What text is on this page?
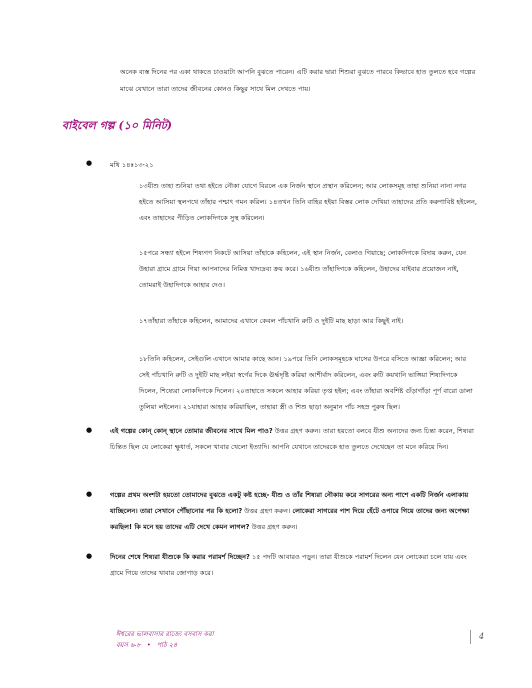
অনেক ব্যস্ত দিনের পর একা থাকতে চাওয়াটা আপনি বুঝতে পারেন। এটি করার দ্বারা শিশুরা বুঝতে পারবে কিভাবে হাত তুলতে হবে গল্পের মাঝে যেখানে তারা তাদের জীবনের কোনও কিছুর সাথে মিল দেখতে পায়।

বাইবেল গল্প (১০ মিনিট)
●	মথি ১৪ঃ১৩-২১

১৩যীশু তাহা শুনিয়া তথা হইতে নৌকা যোগে বিরলে এক নির্জন স্থানে প্রস্থান করিলেন; আর লোকসমূহ তাহা শুনিয়া নানা নগর হইতে আসিয়া স্থলপথে তাঁহার পশ্চাৎ গমন করিল। ১৪তখন তিনি বাহির হইয়া বিস্তর লোক দেখিয়া তাহাদের প্রতি করুণাবিষ্ট হইলেন, এবং তাহাদের পীড়িত লোকদিগকে সুস্থ করিলেন।

১৫পরে সন্ধ্যা হইলে শিষ্যগণ নিকটে আসিয়া তাঁহাকে কহিলেন, এই স্থান নির্জন, বেলাও গিয়াছে; লোকদিগকে বিদায় করুন, যেন উহারা গ্রামে গ্রামে গিয়া আপনাদের নিমিত্ত খাদ্যদ্রব্য ক্রয় করে। ১৬যীশু তাঁহাদিগকে কহিলেন, উহাদের যাইবার প্রয়োজন নাই, তোমরাই উহাদিগকে আহার দেও।

১৭তাঁহারা তাঁহাকে কহিলেন, আমাদের এখানে কেবল পাঁচখানি রুটি ও দুইটি মাছ ছাড়া আর কিছুই নাই।

১৮তিনি কহিলেন, সেইগুলি এখানে আমার কাছে আন। ১৯পরে তিনি লোকসমূহকে ঘাসের উপরে বসিতে আজ্ঞা করিলেন; আর সেই পাঁচখানি রুটি ও দুইটি মাছ লইয়া স্বর্গের দিকে ঊর্দ্ধদৃষ্টি করিয়া আশীর্বাদ করিলেন, এবং রুটি কয়খানি ভাঙ্গিয়া শিষ্যদিগকে দিলেন, শিষ্যেরা লোকদিগকে দিলেন। ২০তাহাতে সকলে আহার করিয়া তৃপ্ত হইল; এবং তাঁহারা অবশিষ্ট গুঁড়াগাঁড়া পূর্ণ বারো ডালা তুলিয়া লইলেন। ২১যাহারা আহার করিয়াছিল, তাহারা স্ত্রী ও শিশু ছাড়া অনুমান পাঁচ সহস্র পুরুষ ছিল।

●	এই গল্পের কোন্ কোন্ স্থানে তোমার জীবনের সাথে মিল পাও? উত্তর গ্রহণ করুন। তারা হয়তো বলবে যীশু অন্যদের জন্য চিন্তা করেন, শিষ্যরা চিন্তিত ছিল যে লোকেরা ক্ষুধার্ত, সকলে খাবার খেলো ইত্যাদি। আপনি যেখানে তাদেরকে হাত তুলতে দেখেছেন তা মনে করিয়ে দিন।

●	গল্পের প্রথম অংশটা হয়তো তোমাদের বুঝতে একটু কষ্ট হচ্ছে- যীশু ও তাঁর শিষ্যরা নৌকায় করে সাগরের অন্য পাশে একটি নির্জন এলাকায় যাচ্ছিলেন। তারা সেখানে পৌঁছানোর পর কি হলো? উত্তর গ্রহণ করুন। লোকেরা সাগরের পাশ দিয়ে হেঁটে ওপারে গিয়ে তাদের জন্য অপেক্ষা করছিল! কি মনে হয় তাদের এটি দেখে কেমন লাগল? উত্তর গ্রহণ করুন।

●	দিনের শেষে শিষ্যরা যীশুকে কি করার পরামর্শ দিচ্ছেন? ১৫ পদটি আবারও পড়ুন। তারা যীশুকে পরামর্শ দিলেন যেন লোকেরা চলে যায় এবং গ্রামে গিয়ে তাদের খাবার জোগাড় করে।

ঈশ্বরের ভালবাসার রাজ্যে বসবাস করা
বয়স ৬-৮ • পাঠ ২৪
4
